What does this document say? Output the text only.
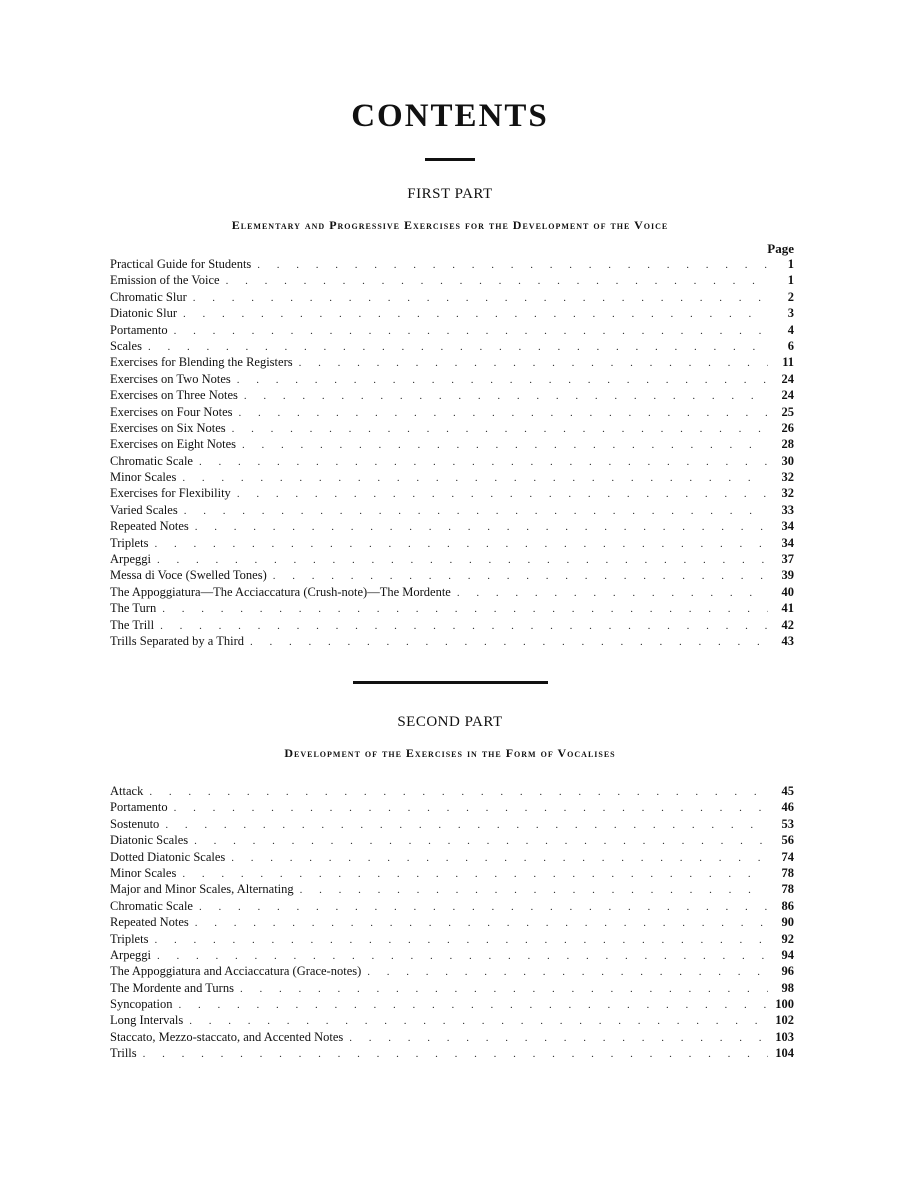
CONTENTS
FIRST PART
Elementary and Progressive Exercises for the Development of the Voice
Page
Practical Guide for Students . . .	1
Emission of the Voice . . .	1
Chromatic Slur . . .	2
Diatonic Slur . . .	3
Portamento . . .	4
Scales . . .	6
Exercises for Blending the Registers . . .	11
Exercises on Two Notes . . .	24
Exercises on Three Notes . . .	24
Exercises on Four Notes . . .	25
Exercises on Six Notes . . .	26
Exercises on Eight Notes . . .	28
Chromatic Scale . . .	30
Minor Scales . . .	32
Exercises for Flexibility . . .	32
Varied Scales . . .	33
Repeated Notes . . .	34
Triplets . . .	34
Arpeggi . . .	37
Messa di Voce (Swelled Tones) . . .	39
The Appoggiatura—The Acciaccatura (Crush-note)—The Mordente . . .	40
The Turn . . .	41
The Trill . . .	42
Trills Separated by a Third . . .	43
SECOND PART
Development of the Exercises in the Form of Vocalises
Attack . . .	45
Portamento . . .	46
Sostenuto . . .	53
Diatonic Scales . . .	56
Dotted Diatonic Scales . . .	74
Minor Scales . . .	78
Major and Minor Scales, Alternating . . .	78
Chromatic Scale . . .	86
Repeated Notes . . .	90
Triplets . . .	92
Arpeggi . . .	94
The Appoggiatura and Acciaccatura (Grace-notes) . . .	96
The Mordente and Turns . . .	98
Syncopation . . .	100
Long Intervals . . .	102
Staccato, Mezzo-staccato, and Accented Notes . . .	103
Trills . . .	104
